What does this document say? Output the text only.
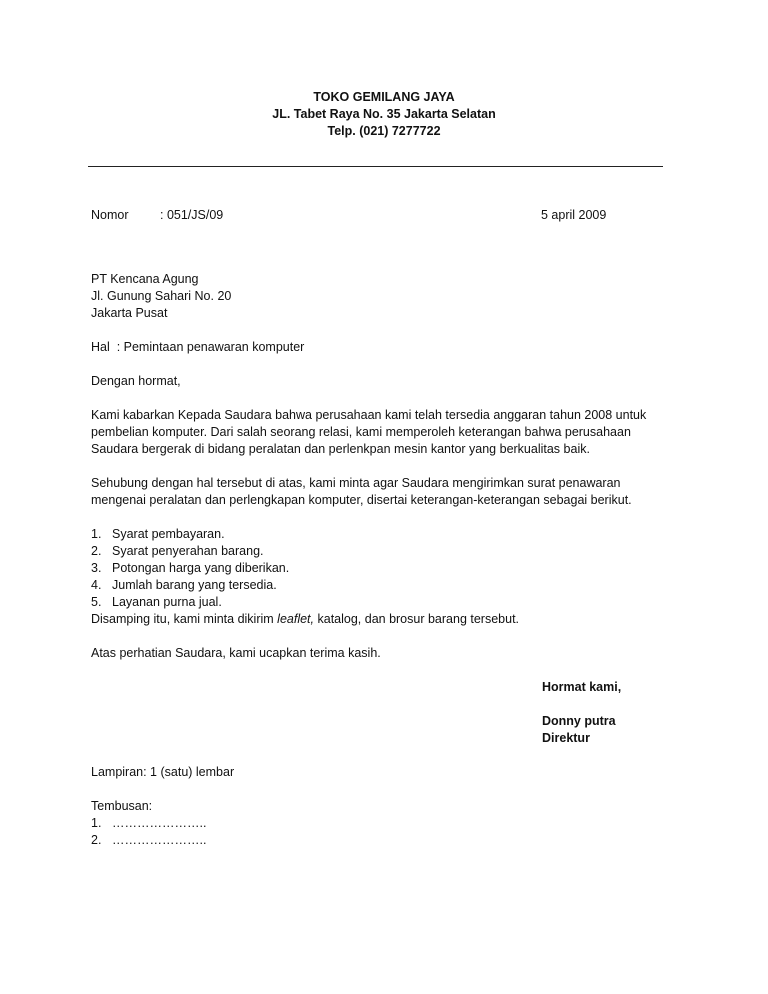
TOKO GEMILANG JAYA
JL. Tabet Raya No. 35 Jakarta Selatan
Telp. (021) 7277722
Nomor	: 051/JS/09	5 april 2009
PT Kencana Agung
Jl. Gunung Sahari No. 20
Jakarta Pusat
Hal  : Pemintaan penawaran komputer
Dengan hormat,
Kami kabarkan Kepada Saudara bahwa perusahaan kami telah tersedia anggaran tahun 2008 untuk
pembelian komputer. Dari salah seorang relasi, kami memperoleh keterangan bahwa perusahaan
Saudara bergerak di bidang peralatan dan perlenkpan mesin kantor yang berkualitas baik.
Sehubung dengan hal tersebut di atas, kami minta agar Saudara mengirimkan surat penawaran
mengenai peralatan dan perlengkapan komputer, disertai keterangan-keterangan sebagai berikut.
1. Syarat pembayaran.
2. Syarat penyerahan barang.
3. Potongan harga yang diberikan.
4. Jumlah barang yang tersedia.
5. Layanan purna jual.
Disamping itu, kami minta dikirim leaflet, katalog, dan brosur barang tersebut.
Atas perhatian Saudara, kami ucapkan terima kasih.
Hormat kami,
Donny putra
Direktur
Lampiran: 1 (satu) lembar
Tembusan:
1. …………………..
2. …………………..
